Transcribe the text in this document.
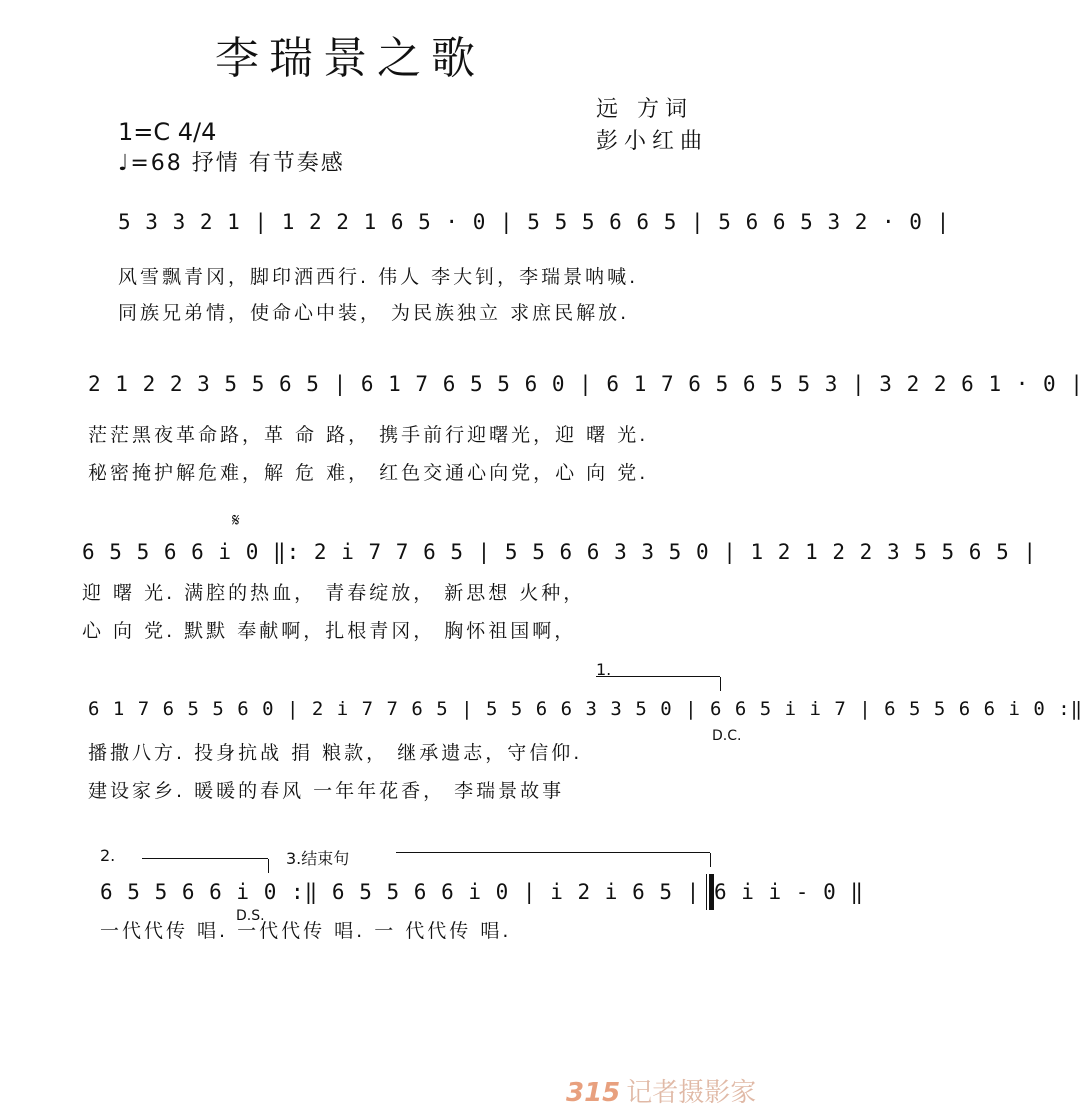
李瑞景之歌
远 方词
彭小红曲
1=C 4/4
♩=68 抒情 有节奏感
5 3 3 2 1 | 1 2 2 1 6 5 · 0 | 5 5 5 6 6 5 | 5 6 6 5 3 2 · 0 |
风雪飘青冈，脚印洒西行. 伟人 李大钊，李瑞景呐喊.
同族兄弟情，使命心中装， 为民族独立 求庶民解放.
2 1 2 2 3 5 5 6 5 | 6 1 7 6 5 5 6 0 | 6 1 7 6 5 6 5 5 3 | 3 2 2 6 1 · 0 |
茫茫黑夜革命路，革 命 路， 携手前行迎曙光，迎 曙 光.
秘密掩护解危难，解 危 难， 红色交通心向党，心 向 党.
𝄋
6 5 5 6 6 i 0 ‖: 2 i 7 7 6 5 | 5 5 6 6 3 3 5 0 | 1 2 1 2 2 3 5 5 6 5 |
迎 曙 光. 满腔的热血， 青春绽放， 新思想 火种，
心 向 党. 默默 奉献啊，扎根青冈， 胸怀祖国啊，
1.
6 1 7 6 5 5 6 0 | 2 i 7 7 6 5 | 5 5 6 6 3 3 5 0 | 6 6 5 i i 7 | 6 5 5 6 6 i 0 :‖
D.C.
播撒八方. 投身抗战 捐 粮款， 继承遗志，守信仰.
建设家乡. 暖暖的春风 一年年花香， 李瑞景故事
2.	3.结束句
6 5 5 6 6 i 0 :‖ 6 5 5 6 6 i 0 | i 2 i 6 5 | 6 i i - 0 ‖
D.S.
一代代传 唱. 一代代传 唱. 一 代代传 唱.
315 记者摄影家
